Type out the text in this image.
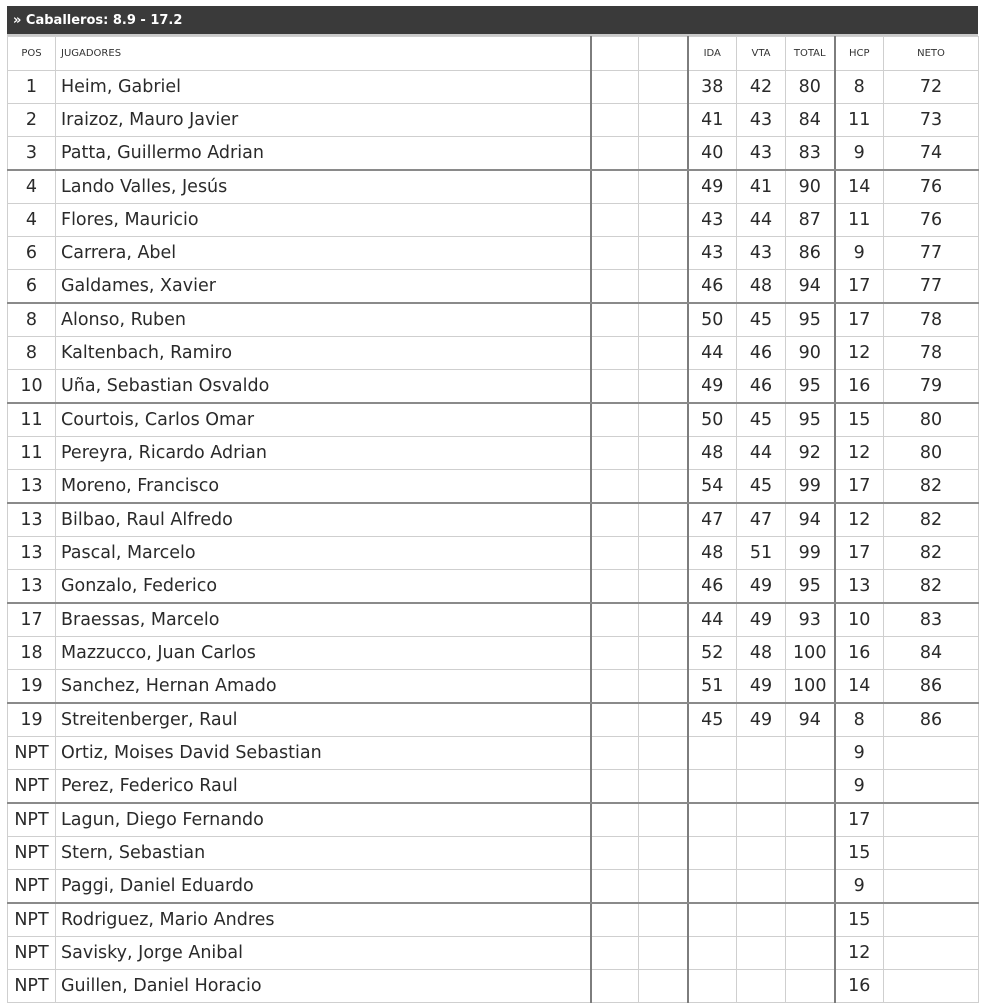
» Caballeros: 8.9 - 17.2
POS	JUGADORES			IDA	VTA	TOTAL	HCP	NETO
1	Heim, Gabriel			38	42	80	8	72
2	Iraizoz, Mauro Javier			41	43	84	11	73
3	Patta, Guillermo Adrian			40	43	83	9	74
4	Lando Valles, Jesús			49	41	90	14	76
4	Flores, Mauricio			43	44	87	11	76
6	Carrera, Abel			43	43	86	9	77
6	Galdames, Xavier			46	48	94	17	77
8	Alonso, Ruben			50	45	95	17	78
8	Kaltenbach, Ramiro			44	46	90	12	78
10	Uña, Sebastian Osvaldo			49	46	95	16	79
11	Courtois, Carlos Omar			50	45	95	15	80
11	Pereyra, Ricardo Adrian			48	44	92	12	80
13	Moreno, Francisco			54	45	99	17	82
13	Bilbao, Raul Alfredo			47	47	94	12	82
13	Pascal, Marcelo			48	51	99	17	82
13	Gonzalo, Federico			46	49	95	13	82
17	Braessas, Marcelo			44	49	93	10	83
18	Mazzucco, Juan Carlos			52	48	100	16	84
19	Sanchez, Hernan Amado			51	49	100	14	86
19	Streitenberger, Raul			45	49	94	8	86
NPT	Ortiz, Moises David Sebastian						9	
NPT	Perez, Federico Raul						9	
NPT	Lagun, Diego Fernando						17	
NPT	Stern, Sebastian						15	
NPT	Paggi, Daniel Eduardo						9	
NPT	Rodriguez, Mario Andres						15	
NPT	Savisky, Jorge Anibal						12	
NPT	Guillen, Daniel Horacio						16	
